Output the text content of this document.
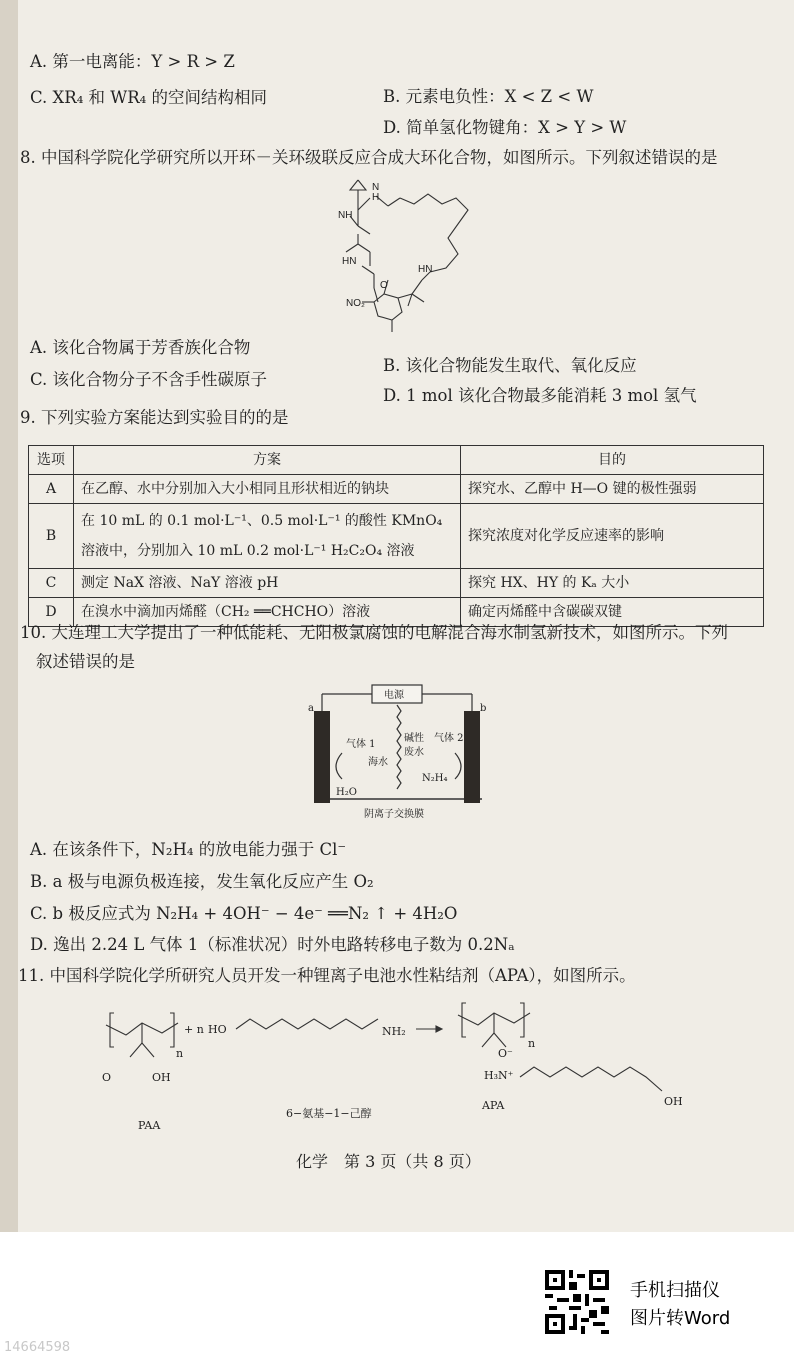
A. 第一电离能：Y > R > Z
C. XR₄ 和 WR₄ 的空间结构相同	B. 元素电负性：X < Z < W
D. 简单氢化物键角：X > Y > W
8. 中国科学院化学研究所以开环－关环级联反应合成大环化合物，如图所示。下列叙述错误的是
N
H
NH
HN
HN
O
NO₂
A. 该化合物属于芳香族化合物
B. 该化合物能发生取代、氧化反应
C. 该化合物分子不含手性碳原子
D. 1 mol 该化合物最多能消耗 3 mol 氢气
9. 下列实验方案能达到实验目的的是
选项	方案	目的
A	在乙醇、水中分别加入大小相同且形状相近的钠块	探究水、乙醇中 H—O 键的极性强弱
B	在 10 mL 的 0.1 mol·L⁻¹、0.5 mol·L⁻¹ 的酸性 KMnO₄ 溶液中，分别加入 10 mL 0.2 mol·L⁻¹ H₂C₂O₄ 溶液	探究浓度对化学反应速率的影响
C	测定 NaX 溶液、NaY 溶液 pH	探究 HX、HY 的 Kₐ 大小
D	在溴水中滴加丙烯醛（CH₂ ══CHCHO）溶液	确定丙烯醛中含碳碳双键
10. 大连理工大学提出了一种低能耗、无阳极氯腐蚀的电解混合海水制氢新技术，如图所示。下列
叙述错误的是
电源
a	b
气体 1
海水
碱性
废水
气体 2
N₂H₄
H₂O
阴离子交换膜
A. 在该条件下，N₂H₄ 的放电能力强于 Cl⁻
B. a 极与电源负极连接，发生氧化反应产生 O₂
C. b 极反应式为 N₂H₄ + 4OH⁻ − 4e⁻ ══N₂ ↑ + 4H₂O
D. 逸出 2.24 L 气体 1（标准状况）时外电路转移电子数为 0.2Nₐ
11. 中国科学院化学所研究人员开发一种锂离子电池水性粘结剂（APA），如图所示。
n
+ n HO	NH₂
O	OH
6−氨基−1−己醇
PAA
APA
n
O⁻
H₃N⁺
OH
化学　第 3 页（共 8 页）
手机扫描仪
图片转Word
14664598
